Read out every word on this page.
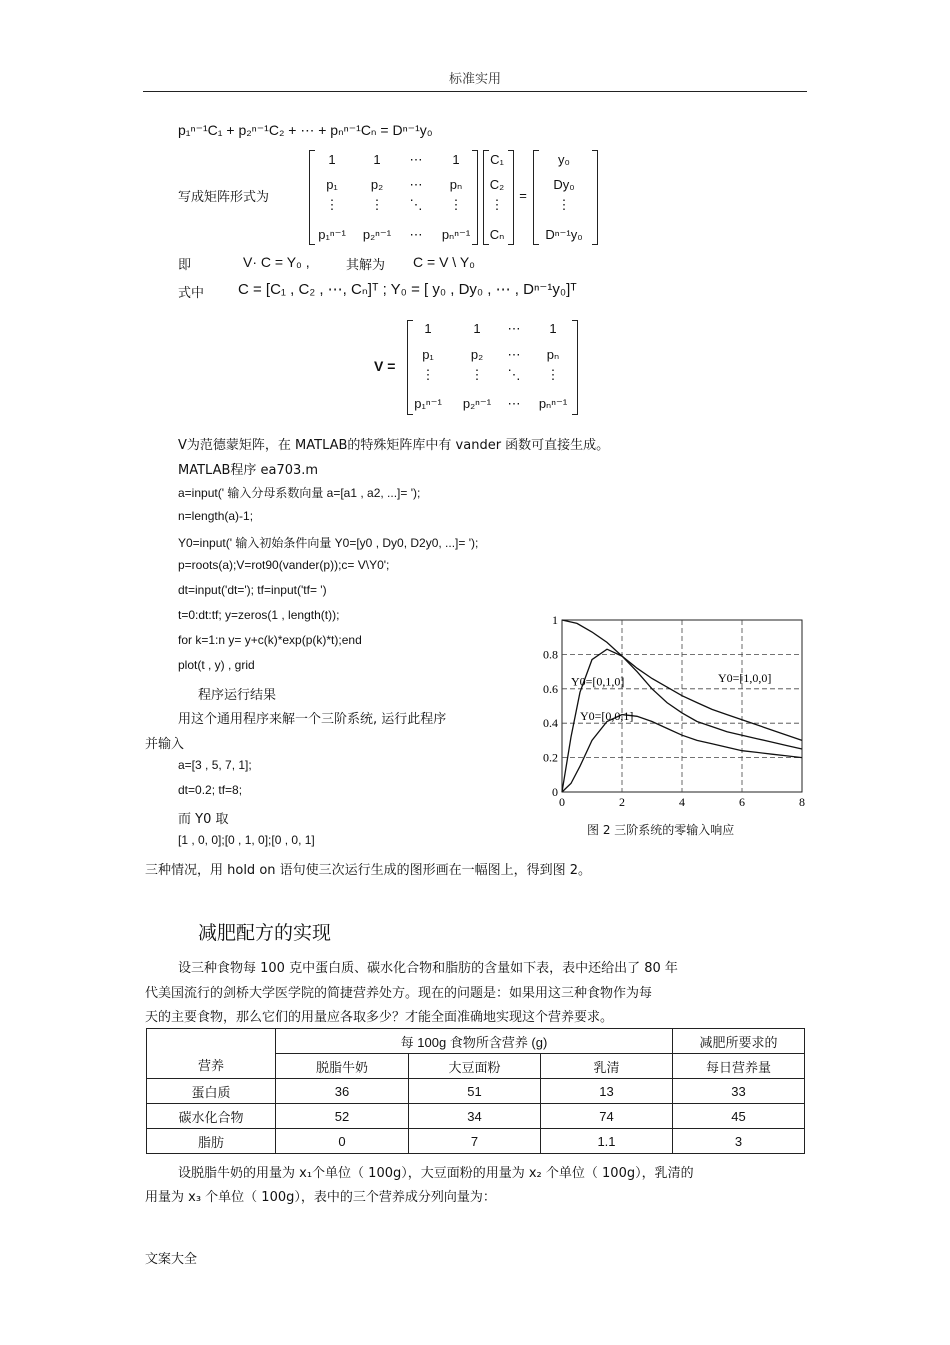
标准实用
p₁ⁿ⁻¹C₁ + p₂ⁿ⁻¹C₂ + ⋯ + pₙⁿ⁻¹Cₙ = Dⁿ⁻¹y₀
写成矩阵形式为
1	1	⋯	1
p₁	p₂	⋯	pₙ
⋮	⋮	⋱	⋮
p₁ⁿ⁻¹	p₂ⁿ⁻¹	⋯	pₙⁿ⁻¹
C₁
C₂
⋮
Cₙ
=
y₀
Dy₀
⋮
Dⁿ⁻¹y₀
即	V· C = Y₀ ,	其解为 C = V \ Y₀
式中 C = [C₁ , C₂ , ⋯, Cₙ]ᵀ ; Y₀ = [ y₀ , Dy₀ , ⋯ , Dⁿ⁻¹y₀]ᵀ
V =
1	1	⋯	1
p₁	p₂	⋯	pₙ
⋮	⋮	⋱	⋮
p₁ⁿ⁻¹	p₂ⁿ⁻¹	⋯	pₙⁿ⁻¹
V为范德蒙矩阵，在 MATLAB的特殊矩阵库中有 vander 函数可直接生成。
MATLAB程序 ea703.m
a=input(' 输入分母系数向量 a=[a1 , a2, ...]= ');
n=length(a)-1;
Y0=input(' 输入初始条件向量 Y0=[y0 , Dy0, D2y0, ...]= ');
p=roots(a);V=rot90(vander(p));c= V\Y0';
dt=input('dt='); tf=input('tf= ')
t=0:dt:tf; y=zeros(1 , length(t));
for k=1:n y= y+c(k)*exp(p(k)*t);end
plot(t , y) , grid
程序运行结果
用这个通用程序来解一个三阶系统, 运行此程序
并输入
a=[3 , 5, 7, 1];
dt=0.2; tf=8;
而 Y0 取
[1 , 0, 0];[0 , 1, 0];[0 , 0, 1]
三种情况，用 hold on 语句使三次运行生成的图形画在一幅图上，得到图 2。
0	2	4	6	8
0
0.2
0.4
0.6
0.8
1
Y0=[1,0,0]
Y0=[0,1,0]
Y0=[0,0,1]
图 2 三阶系统的零输入响应
减肥配方的实现
设三种食物每 100 克中蛋白质、碳水化合物和脂肪的含量如下表，表中还给出了 80 年
代美国流行的剑桥大学医学院的简捷营养处方。现在的问题是：如果用这三种食物作为每
天的主要食物，那么它们的用量应各取多少？才能全面准确地实现这个营养要求。
营养	每 100g 食物所含营养 (g)			减肥所要求的
	脱脂牛奶	大豆面粉	乳清	每日营养量
蛋白质	36	51	13	33
碳水化合物	52	34	74	45
脂肪	0	7	1.1	3
设脱脂牛奶的用量为 x₁个单位（ 100g），大豆面粉的用量为 x₂ 个单位（ 100g），乳清的
用量为 x₃ 个单位（ 100g），表中的三个营养成分列向量为：
文案大全
